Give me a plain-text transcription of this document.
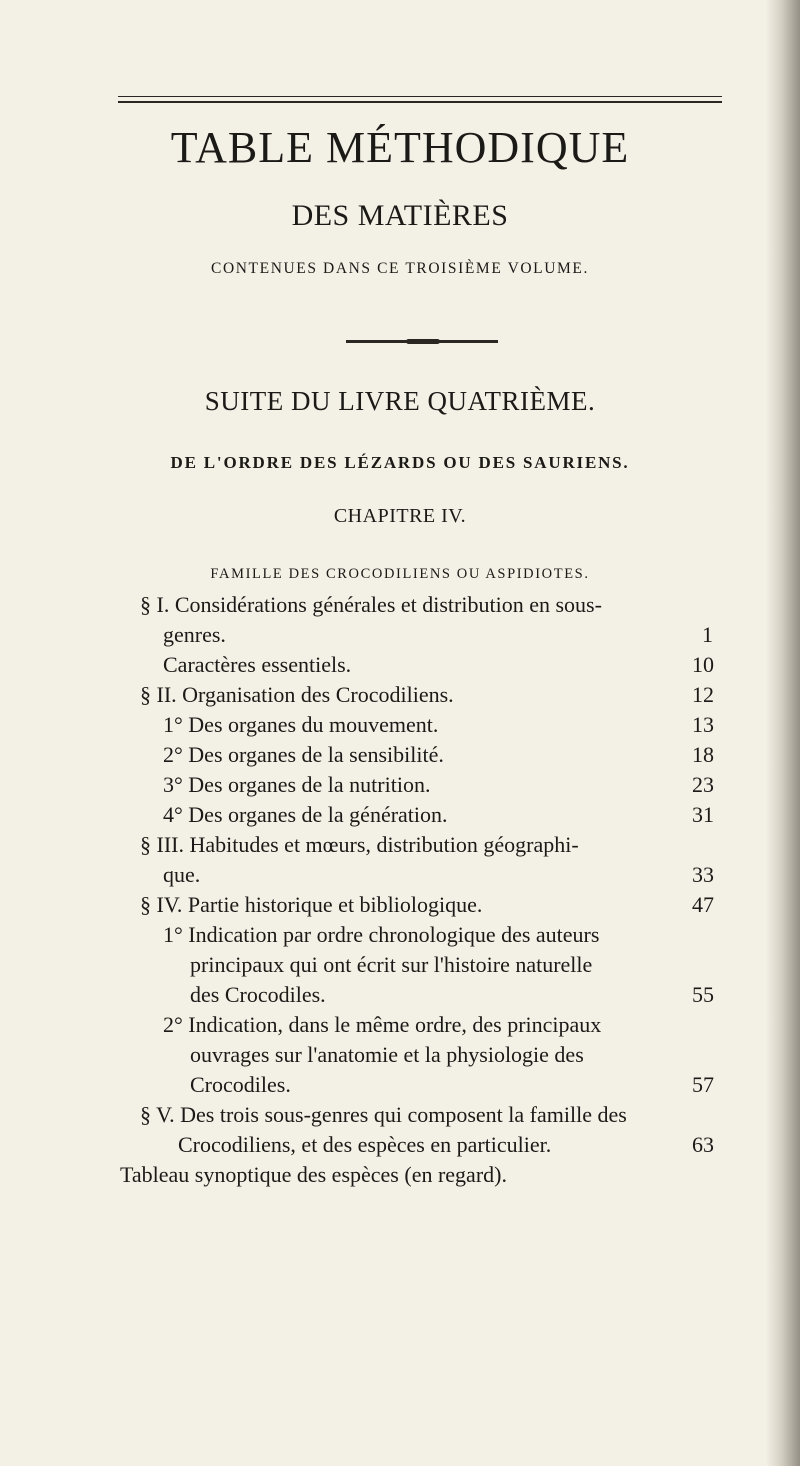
TABLE MÉTHODIQUE
DES MATIÈRES
CONTENUES DANS CE TROISIÈME VOLUME.
SUITE DU LIVRE QUATRIÈME.
DE L'ORDRE DES LÉZARDS OU DES SAURIENS.
CHAPITRE IV.
FAMILLE DES CROCODILIENS OU ASPIDIOTES.
§ I. Considérations générales et distribution en sous-
genres.	1
Caractères essentiels.	10
§ II. Organisation des Crocodiliens.	12
1° Des organes du mouvement.	13
2° Des organes de la sensibilité.	18
3° Des organes de la nutrition.	23
4° Des organes de la génération.	31
§ III. Habitudes et mœurs, distribution géographi-
que.	33
§ IV. Partie historique et bibliologique.	47
1° Indication par ordre chronologique des auteurs
principaux qui ont écrit sur l'histoire naturelle
des Crocodiles.	55
2° Indication, dans le même ordre, des principaux
ouvrages sur l'anatomie et la physiologie des
Crocodiles.	57
§ V. Des trois sous-genres qui composent la famille des
Crocodiliens, et des espèces en particulier.	63
Tableau synoptique des espèces (en regard).
